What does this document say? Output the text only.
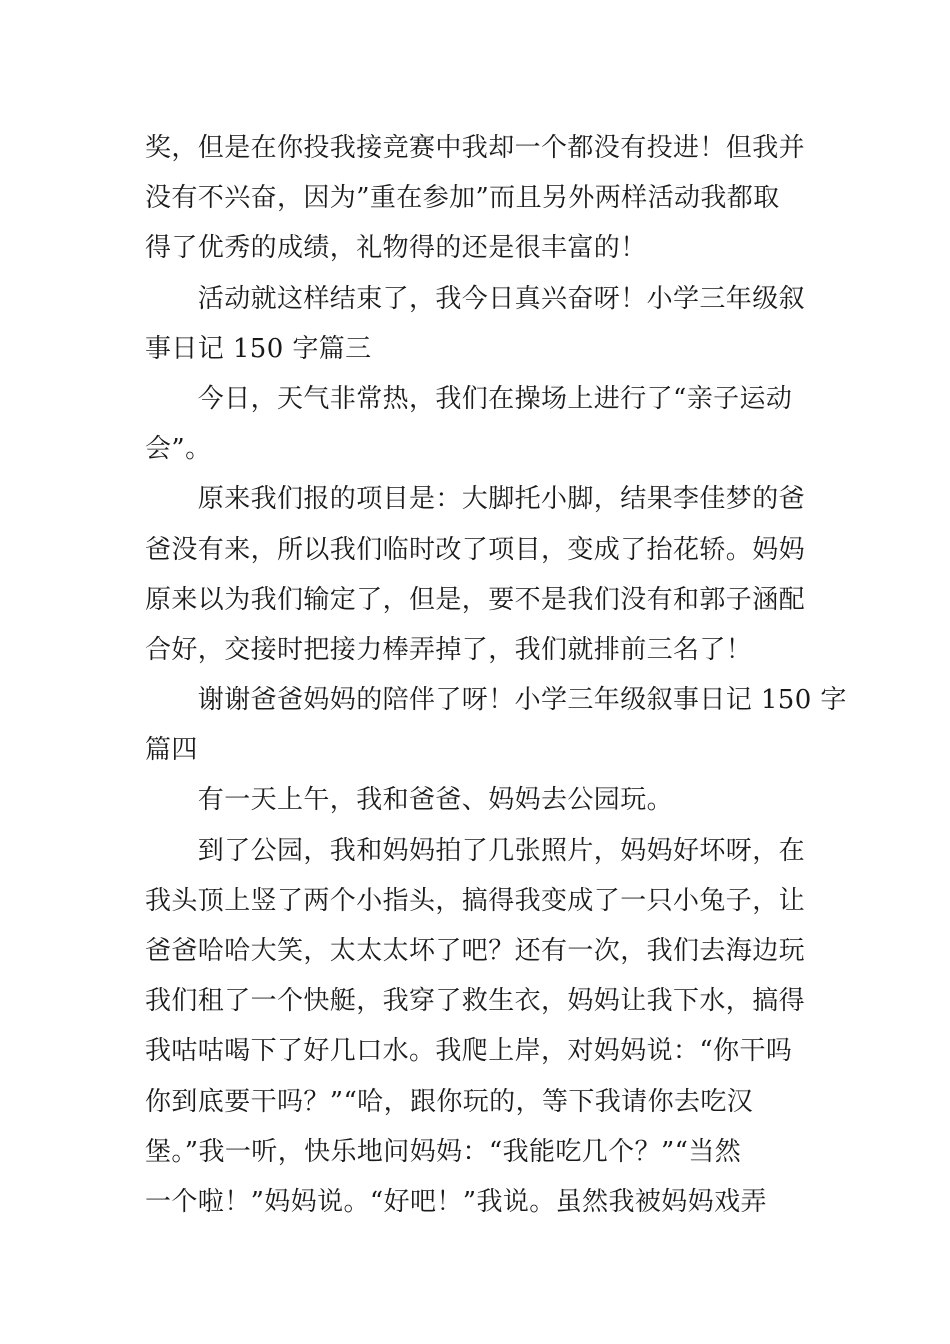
奖，但是在你投我接竞赛中我却一个都没有投进！但我并
没有不兴奋，因为”重在参加”而且另外两样活动我都取
得了优秀的成绩，礼物得的还是很丰富的！
　　活动就这样结束了，我今日真兴奋呀！小学三年级叙
事日记 150 字篇三
　　今日，天气非常热，我们在操场上进行了“亲子运动
会”。
　　原来我们报的项目是：大脚托小脚，结果李佳梦的爸
爸没有来，所以我们临时改了项目，变成了抬花轿。妈妈
原来以为我们输定了，但是，要不是我们没有和郭子涵配
合好，交接时把接力棒弄掉了，我们就排前三名了！
　　谢谢爸爸妈妈的陪伴了呀！小学三年级叙事日记 150 字
篇四
　　有一天上午，我和爸爸、妈妈去公园玩。
　　到了公园，我和妈妈拍了几张照片，妈妈好坏呀，在
我头顶上竖了两个小指头，搞得我变成了一只小兔子，让
爸爸哈哈大笑，太太太坏了吧？还有一次，我们去海边玩
我们租了一个快艇，我穿了救生衣，妈妈让我下水，搞得
我咕咕喝下了好几口水。我爬上岸，对妈妈说：“你干吗
你到底要干吗？”“哈，跟你玩的，等下我请你去吃汉
堡。”我一听，快乐地问妈妈：“我能吃几个？”“当然
一个啦！”妈妈说。“好吧！”我说。虽然我被妈妈戏弄
